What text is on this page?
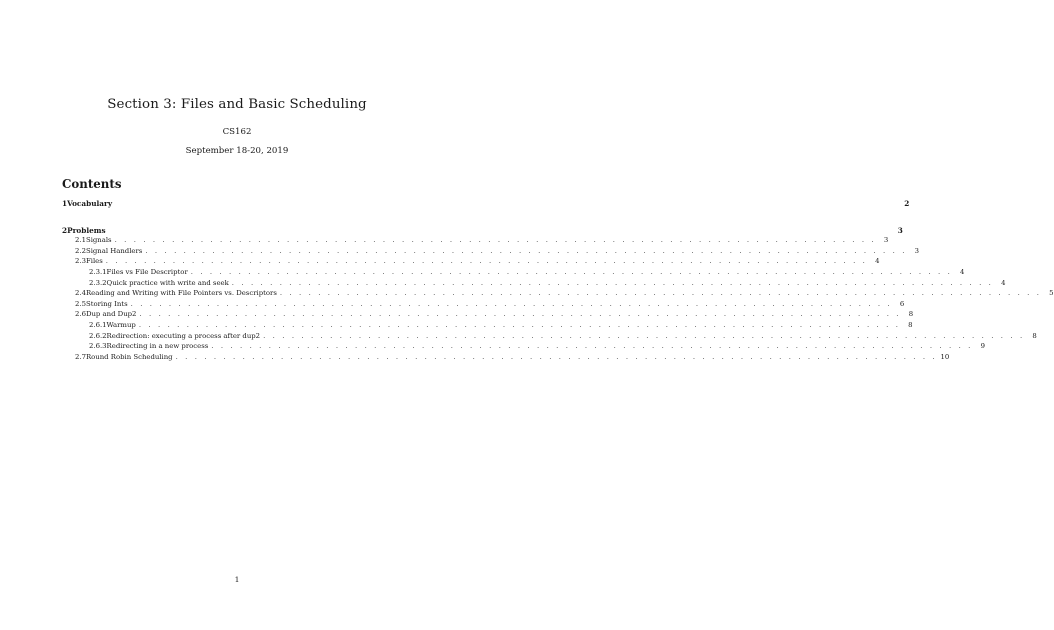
Section 3: Files and Basic Scheduling
CS162
September 18-20, 2019
Contents
1 Vocabulary	2
2 Problems	3
2.1 Signals . . . . . . . . . . . . . . . . . . . . . . . . . . . . . . . . . . . . . . . . . . . . . . . . . . . . . . . . . . . . . . . . . . . . . . . . . . . . . . . .	3
2.2 Signal Handlers . . . . . . . . . . . . . . . . . . . . . . . . . . . . . . . . . . . . . . . . . . . . . . . . . . . . . . . . . . . . . . . . . . . . . . . . . . . . . . . .	3
2.3 Files . . . . . . . . . . . . . . . . . . . . . . . . . . . . . . . . . . . . . . . . . . . . . . . . . . . . . . . . . . . . . . . . . . . . . . . . . . . . . . . .	4
2.3.1 Files vs File Descriptor . . . . . . . . . . . . . . . . . . . . . . . . . . . . . . . . . . . . . . . . . . . . . . . . . . . . . . . . . . . . . . . . . . . . . . . . . . . . . . . .	4
2.3.2 Quick practice with write and seek . . . . . . . . . . . . . . . . . . . . . . . . . . . . . . . . . . . . . . . . . . . . . . . . . . . . . . . . . . . . . . . . . . . . . . . . . . . . . . . .	4
2.4 Reading and Writing with File Pointers vs. Descriptors . . . . . . . . . . . . . . . . . . . . . . . . . . . . . . . . . . . . . . . . . . . . . . . . . . . . . . . . . . . . . . . . . . . . . . . . . . . . . . . .	5
2.5 Storing Ints . . . . . . . . . . . . . . . . . . . . . . . . . . . . . . . . . . . . . . . . . . . . . . . . . . . . . . . . . . . . . . . . . . . . . . . . . . . . . . . .	6
2.6 Dup and Dup2 . . . . . . . . . . . . . . . . . . . . . . . . . . . . . . . . . . . . . . . . . . . . . . . . . . . . . . . . . . . . . . . . . . . . . . . . . . . . . . . .	8
2.6.1 Warmup . . . . . . . . . . . . . . . . . . . . . . . . . . . . . . . . . . . . . . . . . . . . . . . . . . . . . . . . . . . . . . . . . . . . . . . . . . . . . . . .	8
2.6.2 Redirection: executing a process after dup2 . . . . . . . . . . . . . . . . . . . . . . . . . . . . . . . . . . . . . . . . . . . . . . . . . . . . . . . . . . . . . . . . . . . . . . . . . . . . . . . .	8
2.6.3 Redirecting in a new process . . . . . . . . . . . . . . . . . . . . . . . . . . . . . . . . . . . . . . . . . . . . . . . . . . . . . . . . . . . . . . . . . . . . . . . . . . . . . . . .	9
2.7 Round Robin Scheduling . . . . . . . . . . . . . . . . . . . . . . . . . . . . . . . . . . . . . . . . . . . . . . . . . . . . . . . . . . . . . . . . . . . . . . . . . . . . . . . . 10
1
